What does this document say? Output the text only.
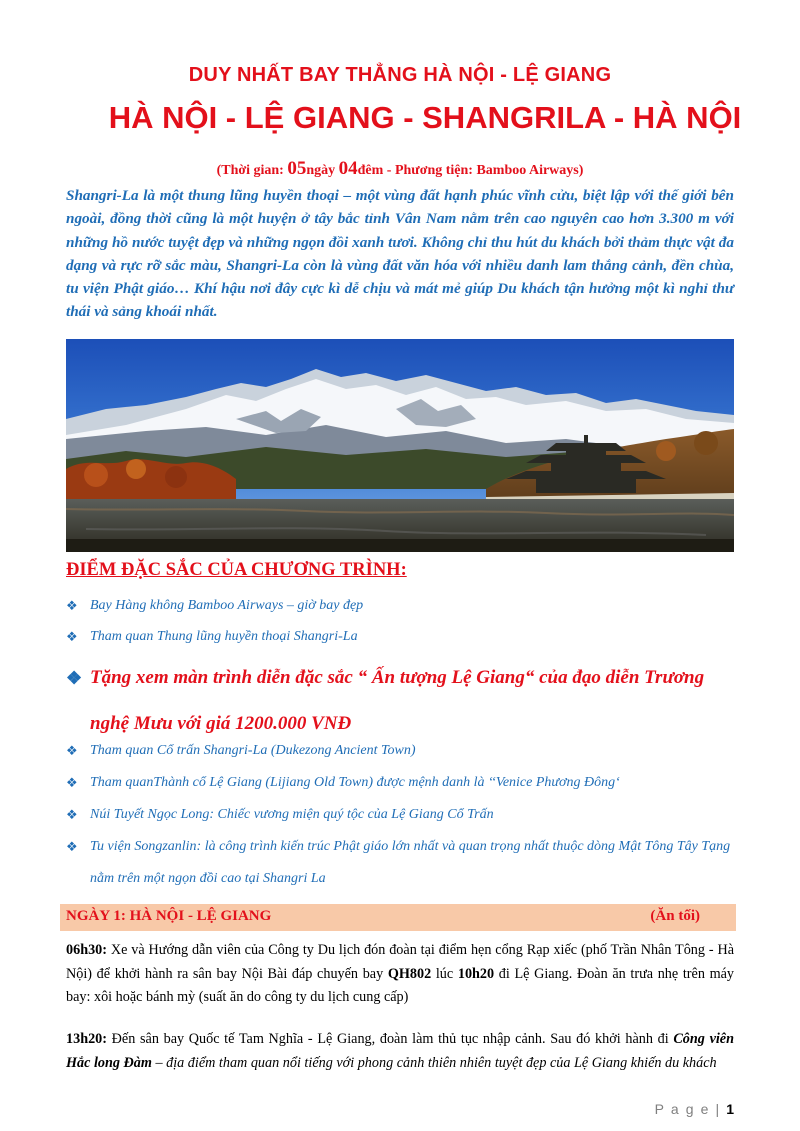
DUY NHẤT BAY THẲNG HÀ NỘI - LỆ GIANG
HÀ NỘI - LỆ GIANG - SHANGRILA - HÀ NỘI
(Thời gian: 05ngày 04đêm - Phương tiện: Bamboo Airways)
Shangri-La là một thung lũng huyền thoại – một vùng đất hạnh phúc vĩnh cửu, biệt lập với thế giới bên ngoài, đồng thời cũng là một huyện ở tây bắc tỉnh Vân Nam nằm trên cao nguyên cao hơn 3.300 m với những hồ nước tuyệt đẹp và những ngọn đồi xanh tươi. Không chỉ thu hút du khách bởi thảm thực vật đa dạng và rực rỡ sắc màu, Shangri-La còn là vùng đất văn hóa với nhiều danh lam thắng cảnh, đền chùa, tu viện Phật giáo… Khí hậu nơi đây cực kì dễ chịu và mát mẻ giúp Du khách tận hưởng một kì nghỉ thư thái và sảng khoái nhất.
ĐIỂM ĐẶC SẮC CỦA CHƯƠNG TRÌNH:
❖ Bay Hàng không Bamboo Airways – giờ bay đẹp
❖ Tham quan Thung lũng huyền thoại Shangri-La
❖ Tặng xem màn trình diễn đặc sắc “ Ấn tượng Lệ Giang“ của đạo diễn Trương nghệ Mưu với giá 1200.000 VNĐ
❖ Tham quan Cổ trấn Shangri-La (Dukezong Ancient Town)
❖ Tham quanThành cổ Lệ Giang (Lijiang Old Town) được mệnh danh là ‘‘Venice Phương Đông‘
❖ Núi Tuyết Ngọc Long: Chiếc vương miện quý tộc của Lệ Giang Cổ Trấn
❖ Tu viện Songzanlin: là công trình kiến trúc Phật giáo lớn nhất và quan trọng nhất thuộc dòng Mật Tông Tây Tạng nằm trên một ngọn đồi cao tại Shangri La
NGÀY 1: HÀ NỘI - LỆ GIANG	(Ăn tối)
06h30: Xe và Hướng dẫn viên của Công ty Du lịch đón đoàn tại điểm hẹn cổng Rạp xiếc (phố Trần Nhân Tông - Hà Nội) để khởi hành ra sân bay Nội Bài đáp chuyến bay QH802 lúc 10h20 đi Lệ Giang. Đoàn ăn trưa nhẹ trên máy bay: xôi hoặc bánh mỳ (suất ăn do công ty du lịch cung cấp)
13h20: Đến sân bay Quốc tế Tam Nghĩa - Lệ Giang, đoàn làm thủ tục nhập cảnh. Sau đó khởi hành đi Công viên Hắc long Đàm – địa điểm tham quan nổi tiếng với phong cảnh thiên nhiên tuyệt đẹp của Lệ Giang khiến du khách
P a g e | 1
